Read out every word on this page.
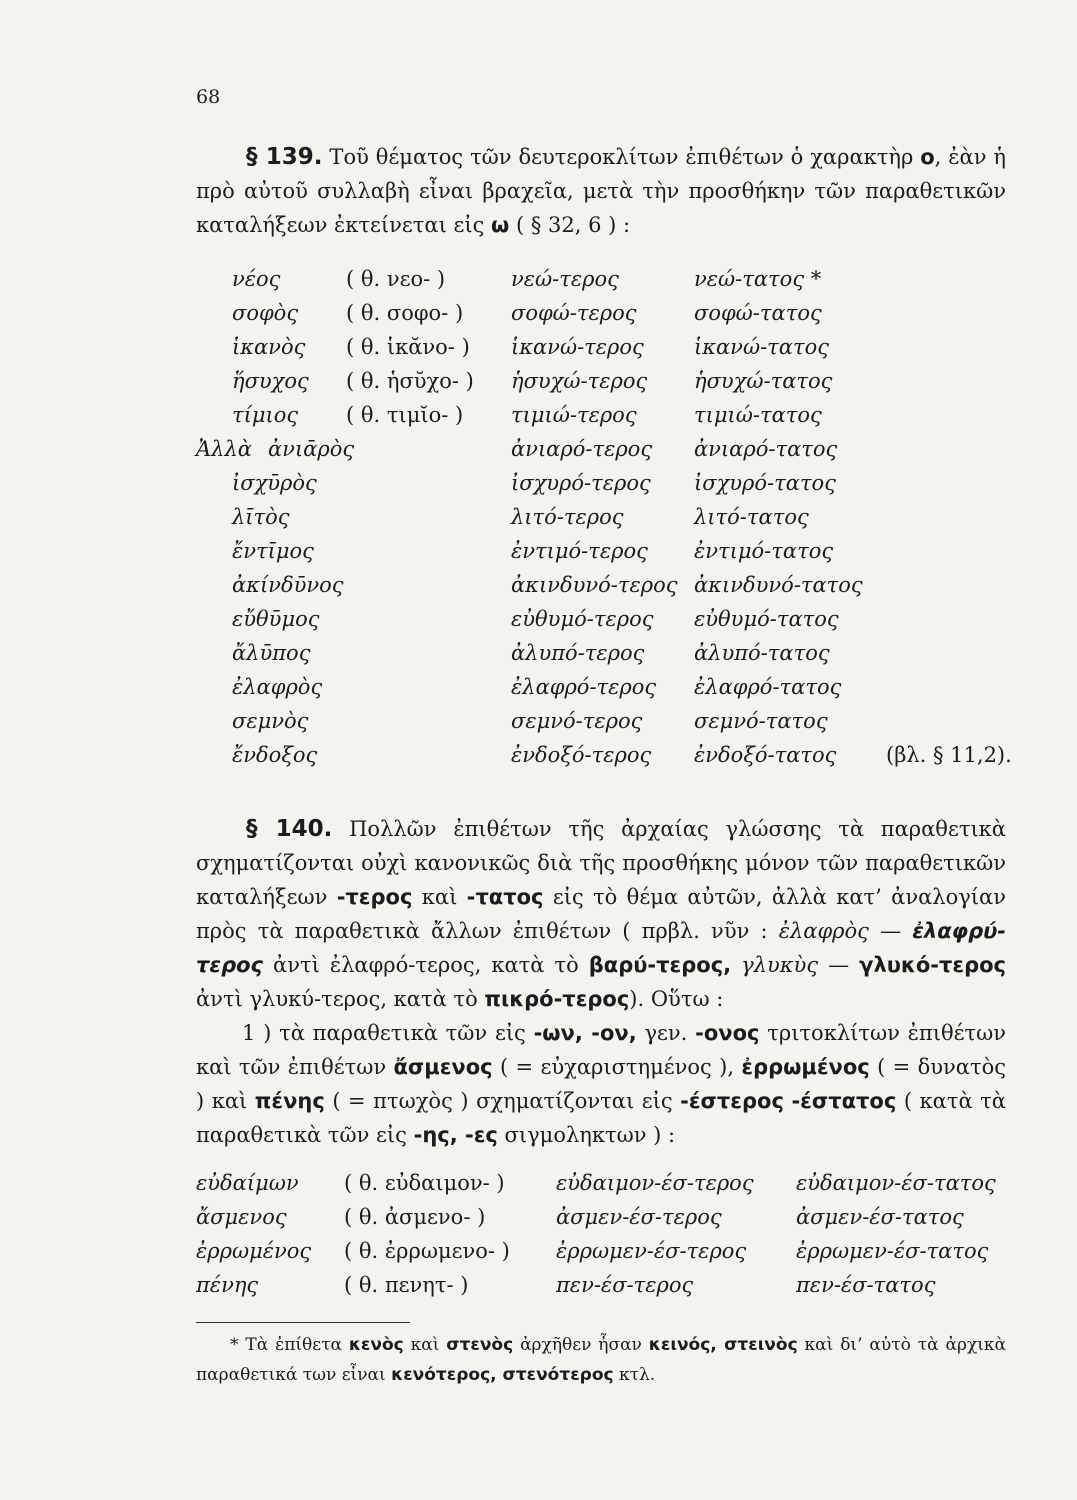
68

§ 139. Τοῦ θέματος τῶν δευτεροκλίτων ἐπιθέτων ὁ χαρακτὴρ ο, ἐὰν ἡ πρὸ αὐτοῦ συλλαβὴ εἶναι βραχεῖα, μετὰ τὴν προσθήκην τῶν παραθετικῶν καταλήξεων ἐκτείνεται εἰς ω ( § 32, 6 ) :

νέος	( θ. νεο- )	νεώ-τερος	νεώ-τατος *
σοφὸς ( θ. σοφο- ) σοφώ-τερος	σοφώ-τατος
ἱκανὸς ( θ. ἱκᾰνο- ) ἱκανώ-τερος ἱκανώ-τατος
ἥσυχος ( θ. ἡσῠχο- ) ἡσυχώ-τερος ἡσυχώ-τατος
τίμιος ( θ. τιμῐο- ) τιμιώ-τερος	τιμιώ-τατος
Ἀλλὰ ἀνιᾱρὸς	ἀνιαρό-τερος ἀνιαρό-τατος
ἰσχῡρὸς	ἰσχυρό-τερος ἰσχυρό-τατος
λῑτὸς	λιτό-τερος	λιτό-τατος
ἔντῑμος	ἐντιμό-τερος ἐντιμό-τατος
ἀκίνδῡνος	ἀκινδυνό-τερος ἀκινδυνό-τατος
εὔθῡμος	εὐθυμό-τερος εὐθυμό-τατος
ἄλῡπος	ἀλυπό-τερος ἀλυπό-τατος
ἐλαφρὸς	ἐλαφρό-τερος ἐλαφρό-τατος
σεμνὸς	σεμνό-τερος σεμνό-τατος
ἔνδοξος	ἐνδοξό-τερος ἐνδοξό-τατος (βλ. § 11,2).

§ 140. Πολλῶν ἐπιθέτων τῆς ἀρχαίας γλώσσης τὰ παραθετικὰ σχηματίζονται οὐχὶ κανονικῶς διὰ τῆς προσθήκης μόνον τῶν παραθετικῶν καταλήξεων -τερος καὶ -τατος εἰς τὸ θέμα αὐτῶν, ἀλλὰ κατ’ ἀναλογίαν πρὸς τὰ παραθετικὰ ἄλλων ἐπιθέτων ( πρβλ. νῦν : ἐλαφρὸς — ἐλαφρύ-τερος ἀντὶ ἐλαφρό-τερος, κατὰ τὸ βαρύ-τερος, γλυκὺς — γλυκό-τερος ἀντὶ γλυκύ-τερος, κατὰ τὸ πικρό-τερος). Οὕτω :

1 ) τὰ παραθετικὰ τῶν εἰς -ων, -ον, γεν. -ονος τριτοκλίτων ἐπιθέτων καὶ τῶν ἐπιθέτων ἄσμενος ( = εὐχαριστημένος ), ἐρρωμένος ( = δυνατὸς ) καὶ πένης ( = πτωχὸς ) σχηματίζονται εἰς -έστερος -έστατος ( κατὰ τὰ παραθετικὰ τῶν εἰς -ης, -ες σιγμοληκτων ) :

εὐδαίμων ( θ. εὐδαιμον- ) εὐδαιμον-έσ-τερος εὐδαιμον-έσ-τατος
ἄσμενος	( θ. ἀσμενο- )	ἀσμεν-έσ-τερος	ἀσμεν-έσ-τατος
ἐρρωμένος ( θ. ἐρρωμενο- ) ἐρρωμεν-έσ-τερος ἐρρωμεν-έσ-τατος
πένης	( θ. πενητ- )	πεν-έσ-τερος	πεν-έσ-τατος
* Τὰ ἐπίθετα κενὸς καὶ στενὸς ἀρχῆθεν ἦσαν κεινός, στεινὸς καὶ δι’ αὐτὸ τὰ ἀρχικὰ παραθετικά των εἶναι κενότερος, στενότερος κτλ.
